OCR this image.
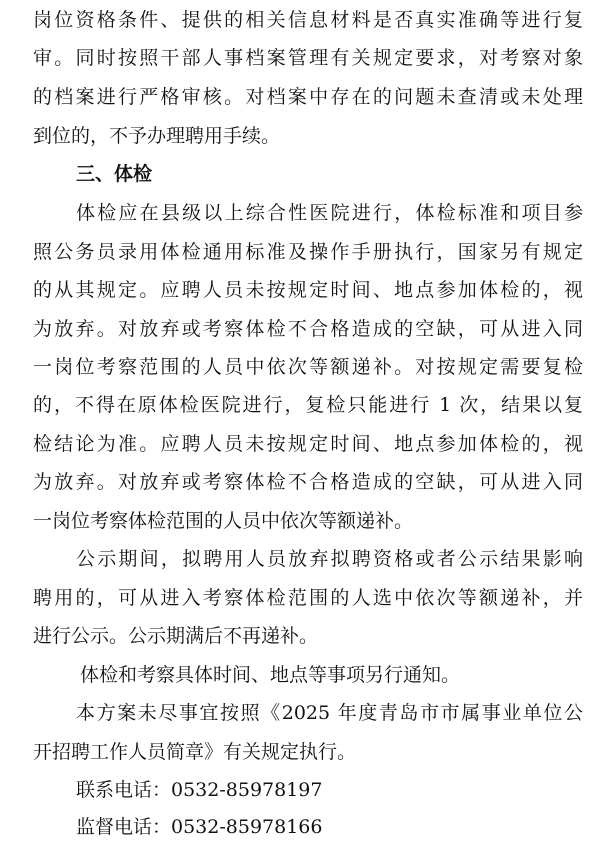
岗位资格条件、提供的相关信息材料是否真实准确等进行复
审。同时按照干部人事档案管理有关规定要求，对考察对象
的档案进行严格审核。对档案中存在的问题未查清或未处理
到位的，不予办理聘用手续。
三、体检
体检应在县级以上综合性医院进行，体检标准和项目参
照公务员录用体检通用标准及操作手册执行，国家另有规定
的从其规定。应聘人员未按规定时间、地点参加体检的，视
为放弃。对放弃或考察体检不合格造成的空缺，可从进入同
一岗位考察范围的人员中依次等额递补。对按规定需要复检
的，不得在原体检医院进行，复检只能进行 1 次，结果以复
检结论为准。应聘人员未按规定时间、地点参加体检的，视
为放弃。对放弃或考察体检不合格造成的空缺，可从进入同
一岗位考察体检范围的人员中依次等额递补。
公示期间，拟聘用人员放弃拟聘资格或者公示结果影响
聘用的，可从进入考察体检范围的人选中依次等额递补，并
进行公示。公示期满后不再递补。
体检和考察具体时间、地点等事项另行通知。
本方案未尽事宜按照《2025 年度青岛市市属事业单位公
开招聘工作人员简章》有关规定执行。
联系电话：0532-85978197
监督电话：0532-85978166
